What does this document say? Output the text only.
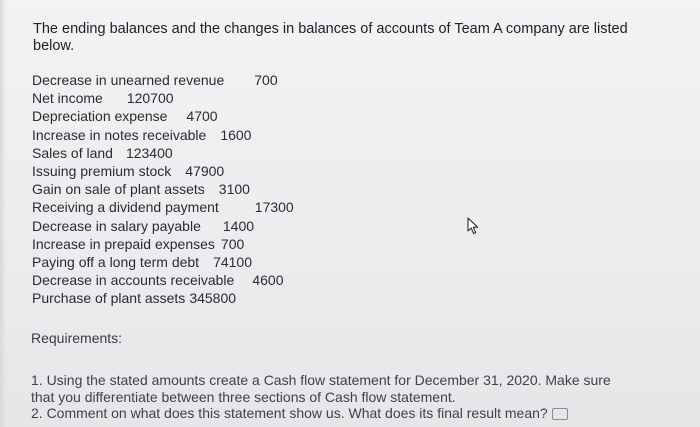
The ending balances and the changes in balances of accounts of Team A company are listed
below.
Decrease in unearned revenue 700
Net income 120700
Depreciation expense 4700
Increase in notes receivable 1600
Sales of land 123400
Issuing premium stock 47900
Gain on sale of plant assets 3100
Receiving a dividend payment	17300
Decrease in salary payable 1400
Increase in prepaid expenses 700
Paying off a long term debt 74100
Decrease in accounts receivable 4600
Purchase of plant assets 345800
Requirements:
1. Using the stated amounts create a Cash flow statement for December 31, 2020. Make sure
that you differentiate between three sections of Cash flow statement.
2. Comment on what does this statement show us. What does its final result mean?
